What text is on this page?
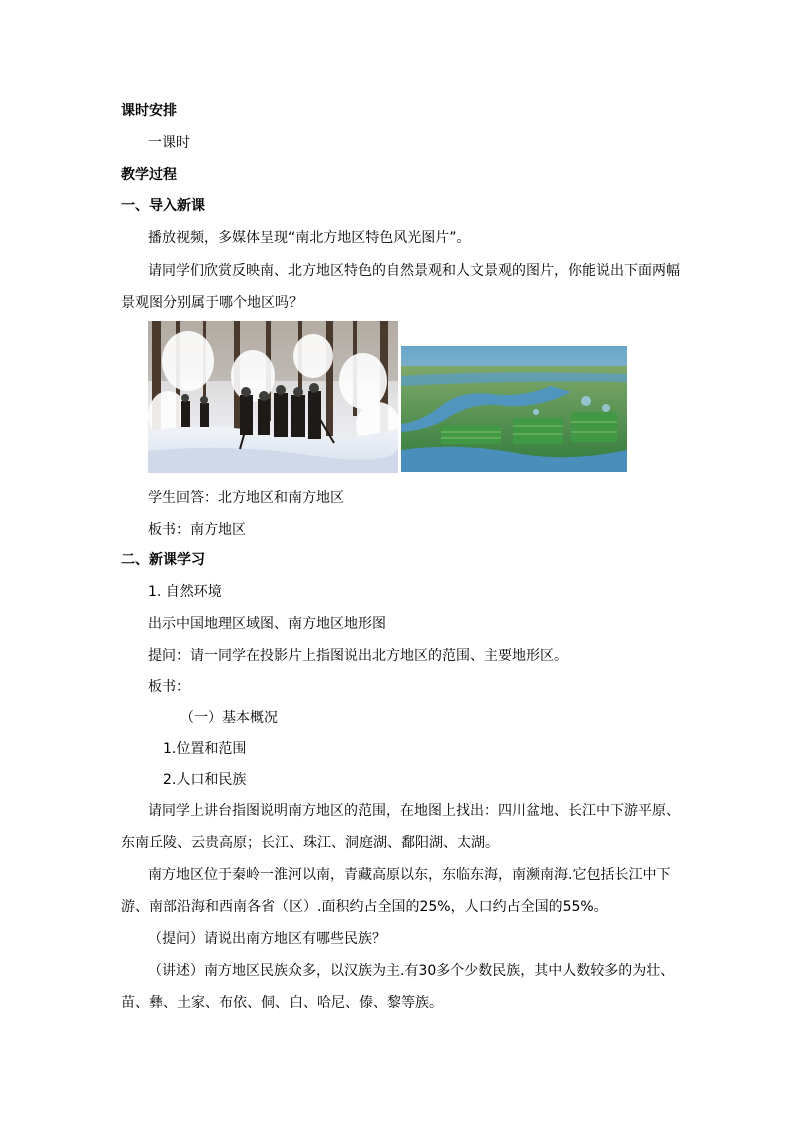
课时安排
一课时
教学过程
一、导入新课
播放视频，多媒体呈现“南北方地区特色风光图片”。
请同学们欣赏反映南、北方地区特色的自然景观和人文景观的图片，你能说出下面两幅
景观图分别属于哪个地区吗？
学生回答：北方地区和南方地区
板书：南方地区
二、新课学习
1. 自然环境
出示中国地理区域图、南方地区地形图
提问：请一同学在投影片上指图说出北方地区的范围、主要地形区。
板书：
（一）基本概况
1.位置和范围
2.人口和民族
请同学上讲台指图说明南方地区的范围，在地图上找出：四川盆地、长江中下游平原、
东南丘陵、云贵高原；长江、珠江、洞庭湖、鄱阳湖、太湖。
南方地区位于秦岭一淮河以南，青藏高原以东，东临东海，南濒南海.它包括长江中下
游、南部沿海和西南各省（区）.面积约占全国的25%，人口约占全国的55%。
（提问）请说出南方地区有哪些民族？
（讲述）南方地区民族众多，以汉族为主.有30多个少数民族，其中人数较多的为壮、
苗、彝、土家、布依、侗、白、哈尼、傣、黎等族。
